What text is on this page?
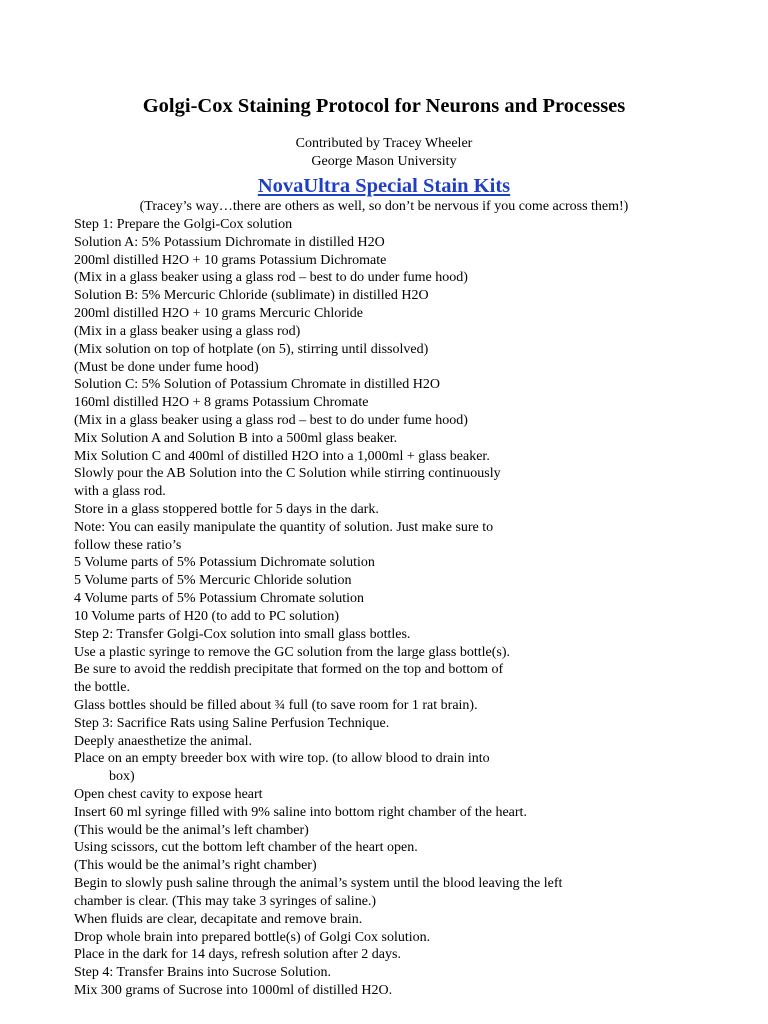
Golgi-Cox Staining Protocol for Neurons and Processes
Contributed by Tracey Wheeler
George Mason University
NovaUltra Special Stain Kits
(Tracey’s way…there are others as well, so don’t be nervous if you come across them!)
Step 1: Prepare the Golgi-Cox solution
Solution A: 5% Potassium Dichromate in distilled H2O
200ml distilled H2O + 10 grams Potassium Dichromate
(Mix in a glass beaker using a glass rod – best to do under fume hood)
Solution B: 5% Mercuric Chloride (sublimate) in distilled H2O
200ml distilled H2O + 10 grams Mercuric Chloride
(Mix in a glass beaker using a glass rod)
(Mix solution on top of hotplate (on 5), stirring until dissolved)
(Must be done under fume hood)
Solution C: 5% Solution of Potassium Chromate in distilled H2O
160ml distilled H2O + 8 grams Potassium Chromate
(Mix in a glass beaker using a glass rod – best to do under fume hood)
Mix Solution A and Solution B into a 500ml glass beaker.
Mix Solution C and 400ml of distilled H2O into a 1,000ml + glass beaker.
Slowly pour the AB Solution into the C Solution while stirring continuously
with a glass rod.
Store in a glass stoppered bottle for 5 days in the dark.
Note: You can easily manipulate the quantity of solution. Just make sure to
follow these ratio’s
5 Volume parts of 5% Potassium Dichromate solution
5 Volume parts of 5% Mercuric Chloride solution
4 Volume parts of 5% Potassium Chromate solution
10 Volume parts of H20 (to add to PC solution)
Step 2: Transfer Golgi-Cox solution into small glass bottles.
Use a plastic syringe to remove the GC solution from the large glass bottle(s).
Be sure to avoid the reddish precipitate that formed on the top and bottom of
the bottle.
Glass bottles should be filled about ¾ full (to save room for 1 rat brain).
Step 3: Sacrifice Rats using Saline Perfusion Technique.
Deeply anaesthetize the animal.
Place on an empty breeder box with wire top. (to allow blood to drain into
box)
Open chest cavity to expose heart
Insert 60 ml syringe filled with 9% saline into bottom right chamber of the heart.
(This would be the animal’s left chamber)
Using scissors, cut the bottom left chamber of the heart open.
(This would be the animal’s right chamber)
Begin to slowly push saline through the animal’s system until the blood leaving the left
chamber is clear. (This may take 3 syringes of saline.)
When fluids are clear, decapitate and remove brain.
Drop whole brain into prepared bottle(s) of Golgi Cox solution.
Place in the dark for 14 days, refresh solution after 2 days.
Step 4: Transfer Brains into Sucrose Solution.
Mix 300 grams of Sucrose into 1000ml of distilled H2O.
